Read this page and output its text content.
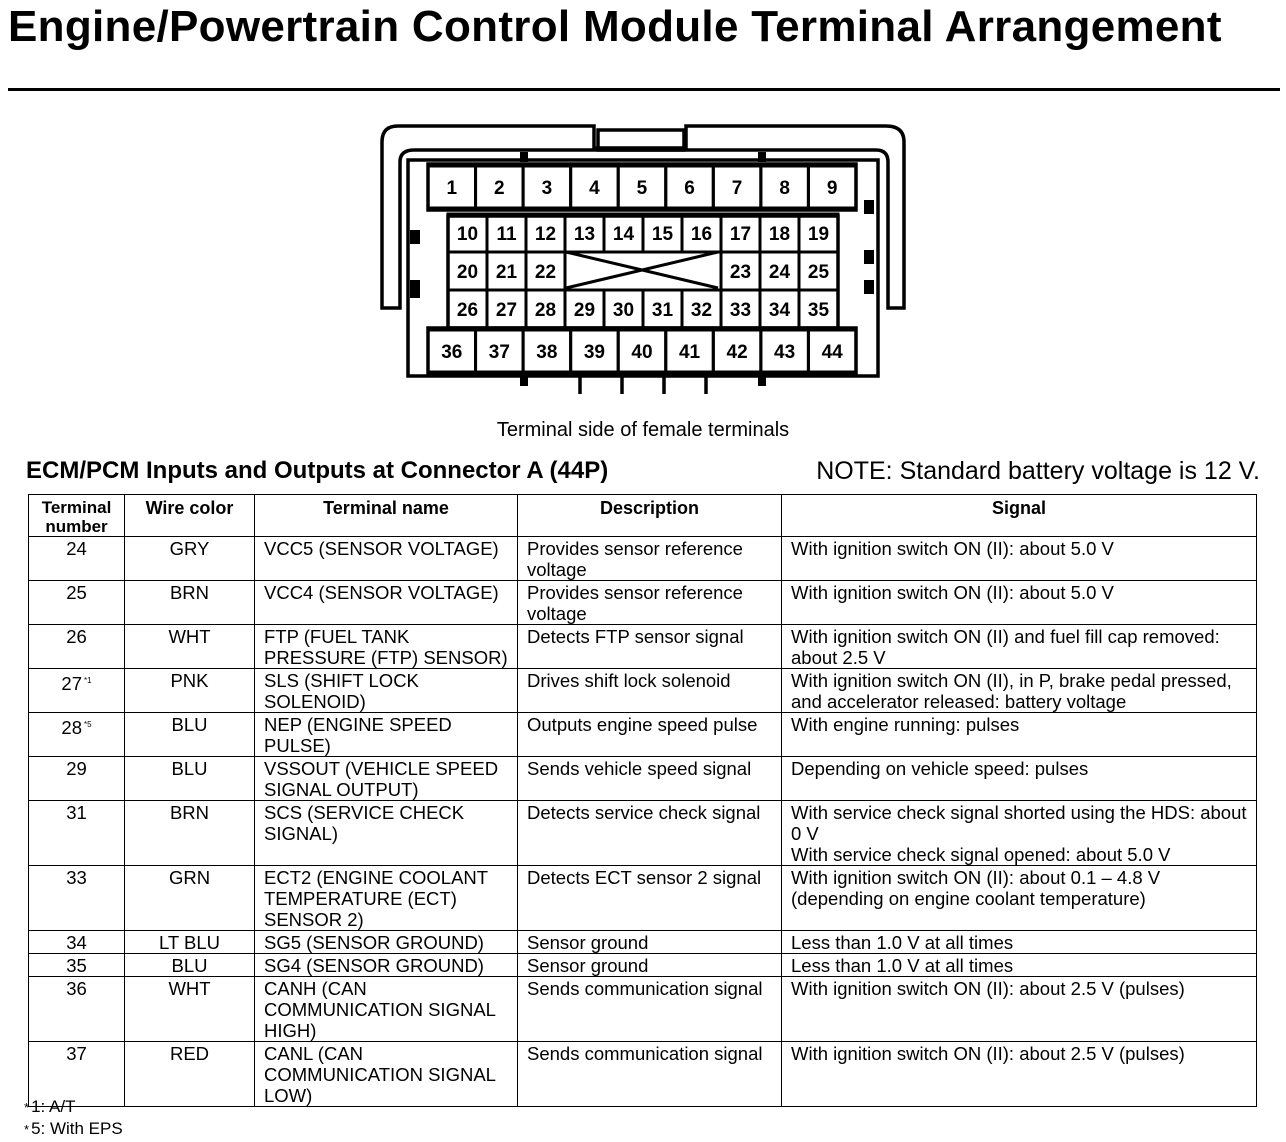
Engine/Powertrain Control Module Terminal Arrangement
1 2 3 4 5 6 7 8 9
10 11 12 13 14 15 16 17 18 19
20 21 22	23 24 25
26 27 28 29 30 31 32 33 34 35
36 37 38 39 40 41 42 43 44
Terminal side of female terminals
ECM/PCM Inputs and Outputs at Connector A (44P)	NOTE: Standard battery voltage is 12 V.
Terminal number	Wire color	Terminal name	Description	Signal
24	GRY	VCC5 (SENSOR VOLTAGE)	Provides sensor reference voltage	With ignition switch ON (II): about 5.0 V
25	BRN	VCC4 (SENSOR VOLTAGE)	Provides sensor reference voltage	With ignition switch ON (II): about 5.0 V
26	WHT	FTP (FUEL TANK PRESSURE (FTP) SENSOR)	Detects FTP sensor signal	With ignition switch ON (II) and fuel fill cap removed: about 2.5 V
27 $^{*1}$	PNK	SLS (SHIFT LOCK SOLENOID)	Drives shift lock solenoid	With ignition switch ON (II), in P, brake pedal pressed, and accelerator released: battery voltage
28 $^{*5}$	BLU	NEP (ENGINE SPEED PULSE)	Outputs engine speed pulse	With engine running: pulses
29	BLU	VSSOUT (VEHICLE SPEED SIGNAL OUTPUT)	Sends vehicle speed signal	Depending on vehicle speed: pulses
31	BRN	SCS (SERVICE CHECK SIGNAL)	Detects service check signal	With service check signal shorted using the HDS: about 0 V
With service check signal opened: about 5.0 V

33	GRN	ECT2 (ENGINE COOLANT TEMPERATURE (ECT) SENSOR 2)	Detects ECT sensor 2 signal	With ignition switch ON (II): about 0.1 – 4.8 V (depending on engine coolant temperature)
34	LT BLU	SG5 (SENSOR GROUND)	Sensor ground	Less than 1.0 V at all times
35	BLU	SG4 (SENSOR GROUND)	Sensor ground	Less than 1.0 V at all times
36	WHT	CANH (CAN COMMUNICATION SIGNAL HIGH)	Sends communication signal	With ignition switch ON (II): about 2.5 V (pulses)
37	RED	CANL (CAN COMMUNICATION SIGNAL LOW)	Sends communication signal	With ignition switch ON (II): about 2.5 V (pulses)
* 1: A/T
* 5: With EPS
